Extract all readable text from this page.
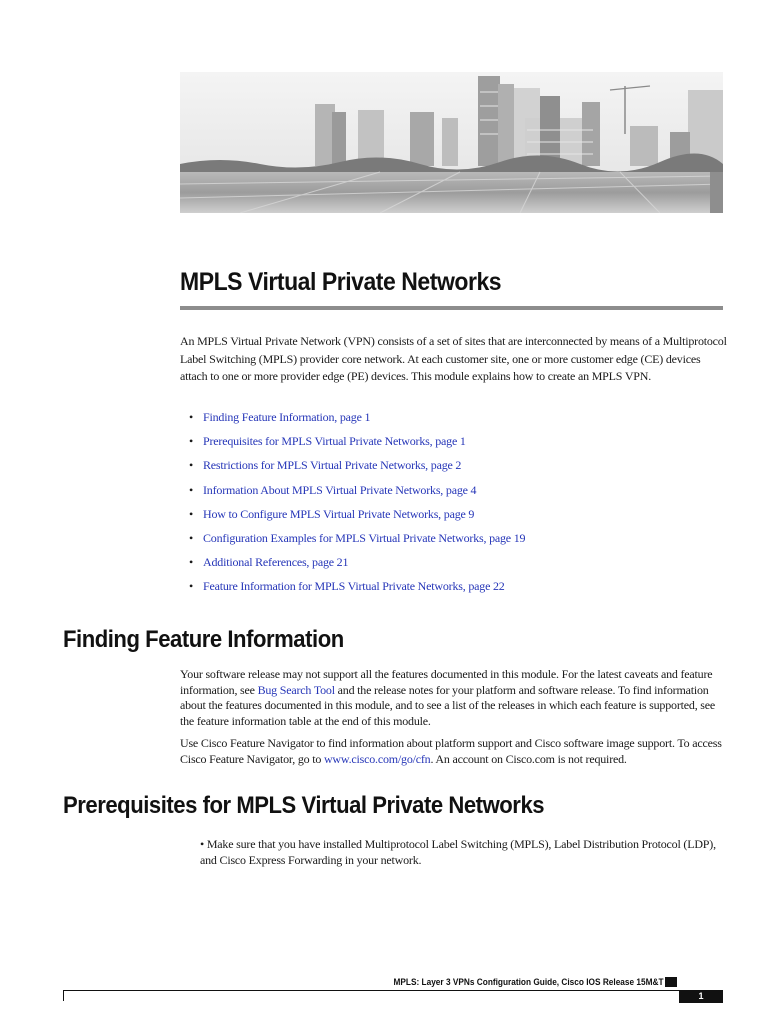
MPLS Virtual Private Networks

An MPLS Virtual Private Network (VPN) consists of a set of sites that are interconnected by means of a Multiprotocol Label Switching (MPLS) provider core network. At each customer site, one or more customer edge (CE) devices attach to one or more provider edge (PE) devices. This module explains how to create an MPLS VPN.

• Finding Feature Information, page 1
• Prerequisites for MPLS Virtual Private Networks, page 1
• Restrictions for MPLS Virtual Private Networks, page 2
• Information About MPLS Virtual Private Networks, page 4
• How to Configure MPLS Virtual Private Networks, page 9
• Configuration Examples for MPLS Virtual Private Networks, page 19
• Additional References, page 21
• Feature Information for MPLS Virtual Private Networks, page 22
Finding Feature Information

Your software release may not support all the features documented in this module. For the latest caveats and feature information, see Bug Search Tool and the release notes for your platform and software release. To find information about the features documented in this module, and to see a list of the releases in which each feature is supported, see the feature information table at the end of this module.

Use Cisco Feature Navigator to find information about platform support and Cisco software image support. To access Cisco Feature Navigator, go to www.cisco.com/go/cfn. An account on Cisco.com is not required.

Prerequisites for MPLS Virtual Private Networks

• Make sure that you have installed Multiprotocol Label Switching (MPLS), Label Distribution Protocol (LDP), and Cisco Express Forwarding in your network.

MPLS: Layer 3 VPNs Configuration Guide, Cisco IOS Release 15M&T
1
